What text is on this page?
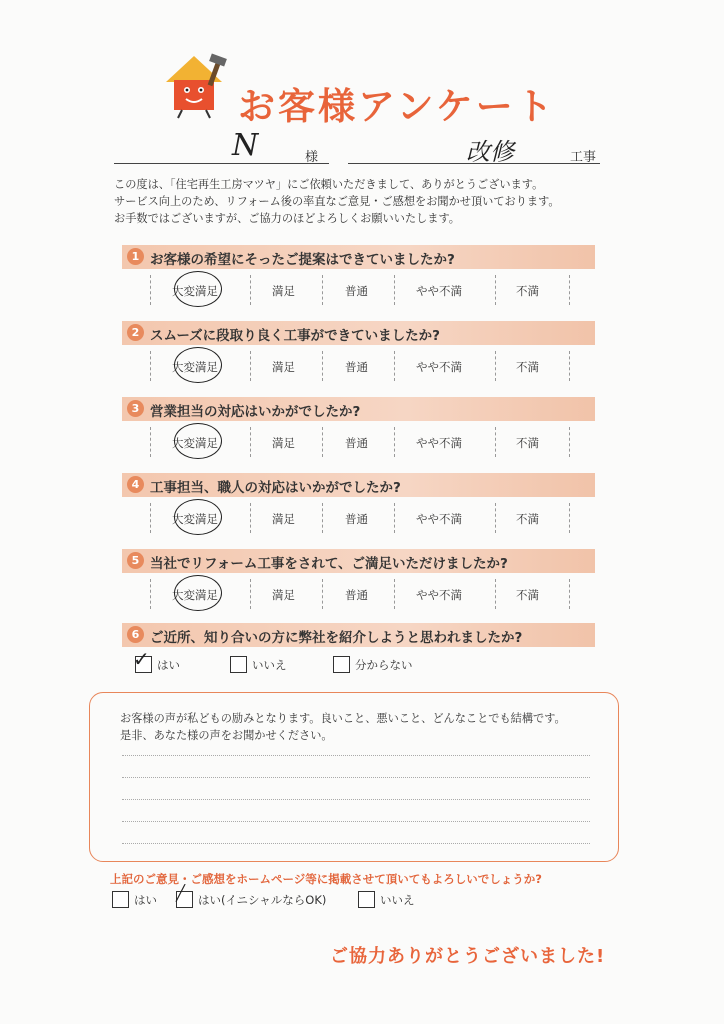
お客様アンケート
N	様	改修	工事
この度は、「住宅再生工房マツヤ」にご依頼いただきまして、ありがとうございます。
サービス向上のため、リフォーム後の率直なご意見・ご感想をお聞かせ頂いております。
お手数ではございますが、ご協力のほどよろしくお願いいたします。
1 お客様の希望にそったご提案はできていましたか?
大変満足	満足	普通	やや不満	不満
2 スムーズに段取り良く工事ができていましたか?
大変満足	満足	普通	やや不満	不満
3 営業担当の対応はいかがでしたか?
大変満足	満足	普通	やや不満	不満
4 工事担当、職人の対応はいかがでしたか?
大変満足	満足	普通	やや不満	不満
5 当社でリフォーム工事をされて、ご満足いただけましたか?
大変満足	満足	普通	やや不満	不満
6 ご近所、知り合いの方に弊社を紹介しようと思われましたか?
✓ はい	いいえ	分からない
お客様の声が私どもの励みとなります。良いこと、悪いこと、どんなことでも結構です。
是非、あなた様の声をお聞かせください。
上記のご意見・ご感想をホームページ等に掲載させて頂いてもよろしいでしょうか?
はい ╱ はい(イニシャルならOK)	いいえ
ご協力ありがとうございました!
